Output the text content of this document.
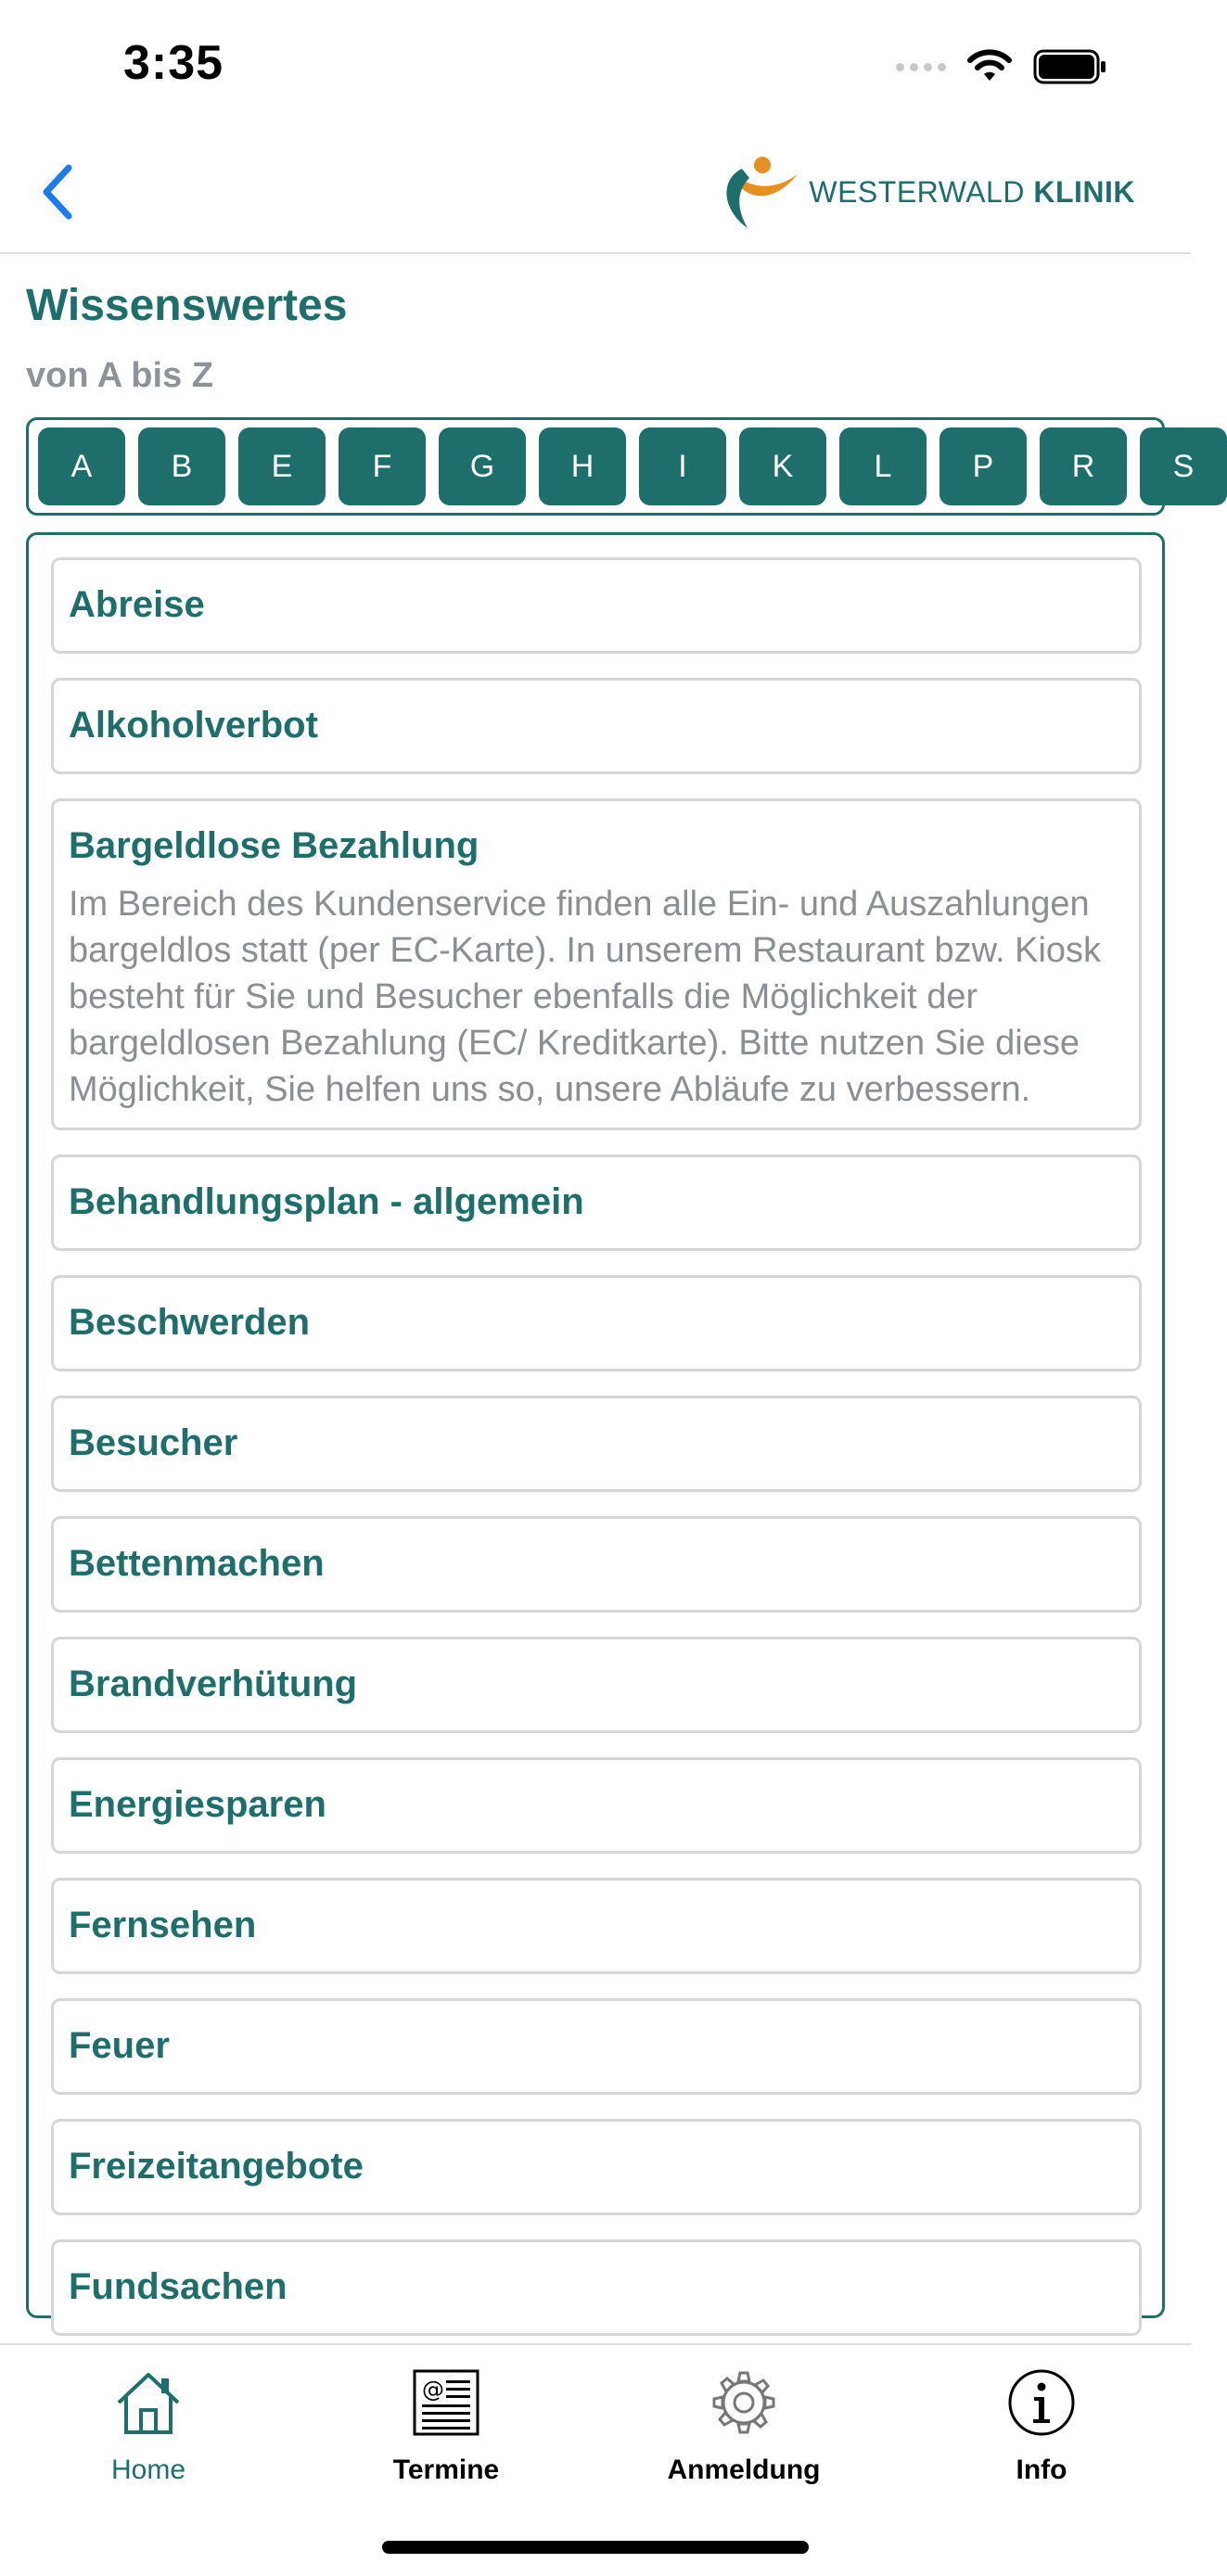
3:35
WESTERWALD KLINIK
Wissenswertes
von A bis Z
A	B	E	F	G	H	I	K	L	P	R	S
Abreise
Alkoholverbot
Bargeldlose Bezahlung
Im Bereich des Kundenservice finden alle Ein- und Auszahlungen bargeldlos statt (per EC-Karte). In unserem Restaurant bzw. Kiosk besteht für Sie und Besucher ebenfalls die Möglichkeit der bargeldlosen Bezahlung (EC/ Kreditkarte). Bitte nutzen Sie diese Möglichkeit, Sie helfen uns so, unsere Abläufe zu verbessern.
Behandlungsplan - allgemein
Beschwerden
Besucher
Bettenmachen
Brandverhütung
Energiesparen
Fernsehen
Feuer
Freizeitangebote
Fundsachen
Home
@
Termine	Anmeldung	Info
